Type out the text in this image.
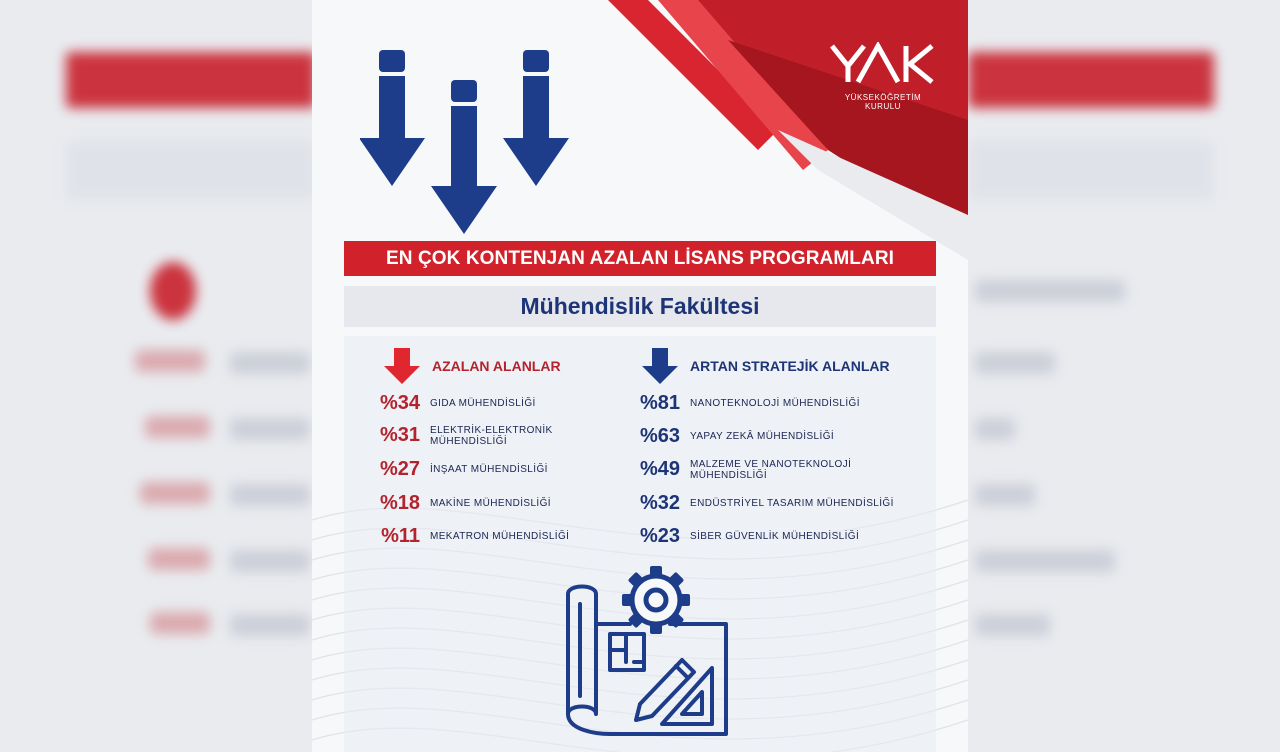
YÜKSEKÖĞRETİM KURULU
EN ÇOK KONTENJAN AZALAN LİSANS PROGRAMLARI
Mühendislik Fakültesi
AZALAN ALANLAR
%34 GIDA MÜHENDİSLİĞİ
%31 ELEKTRİK-ELEKTRONİK MÜHENDİSLİĞİ
%27 İNŞAAT MÜHENDİSLİĞİ
%18 MAKİNE MÜHENDİSLİĞİ
%11 MEKATRON MÜHENDİSLİĞİ
ARTAN STRATEJİK ALANLAR
%81 NANOTEKNOLOJİ MÜHENDİSLİĞİ
%63 YAPAY ZEKÂ MÜHENDİSLİĞİ
%49 MALZEME VE NANOTEKNOLOJİ MÜHENDİSLİĞİ
%32 ENDÜSTRİYEL TASARIM MÜHENDİSLİĞİ
%23 SİBER GÜVENLİK MÜHENDİSLİĞİ
